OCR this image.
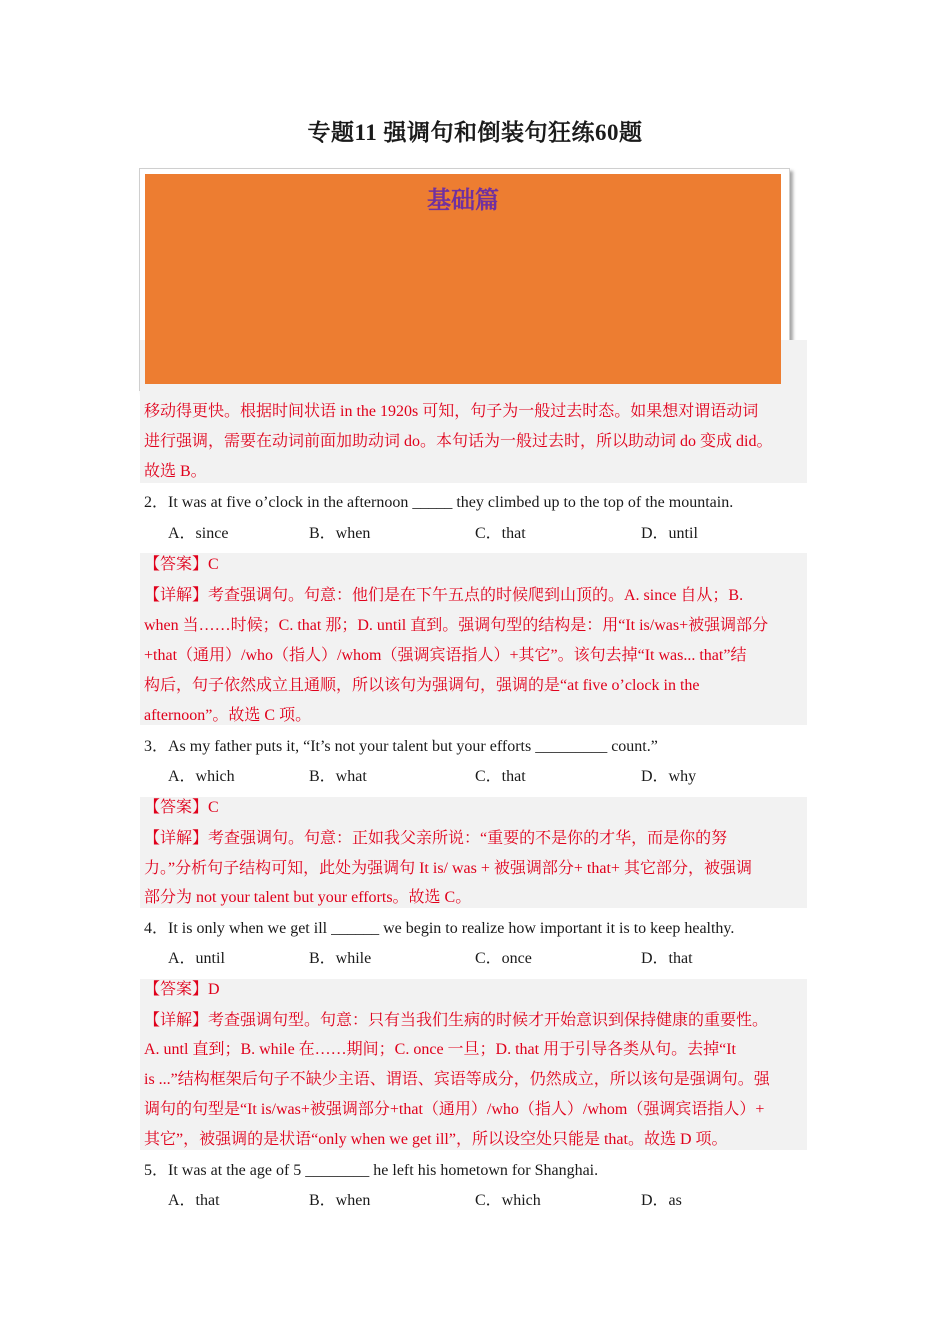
专题11 强调句和倒装句狂练60题
基础篇
移动得更快。根据时间状语 in the 1920s 可知，句子为一般过去时态。如果想对谓语动词
进行强调，需要在动词前面加助动词 do。本句话为一般过去时，所以助动词 do 变成 did。
故选 B。
2．It was at five o’clock in the afternoon _____ they climbed up to the top of the mountain.
A．since	B．when	C．that	D．until
【答案】C
【详解】考查强调句。句意：他们是在下午五点的时候爬到山顶的。A. since 自从；B.
when 当……时候；C. that 那；D. until 直到。强调句型的结构是：用“It is/was+被强调部分
+that（通用）/who（指人）/whom（强调宾语指人）+其它”。该句去掉“It was... that”结
构后，句子依然成立且通顺，所以该句为强调句，强调的是“at five o’clock in the
afternoon”。故选 C 项。
3．As my father puts it, “It’s not your talent but your efforts _________ count.”
A．which	B．what	C．that	D．why
【答案】C
【详解】考查强调句。句意：正如我父亲所说：“重要的不是你的才华，而是你的努
力。”分析句子结构可知，此处为强调句 It is/ was + 被强调部分+ that+ 其它部分，被强调
部分为 not your talent but your efforts。故选 C。
4．It is only when we get ill ______ we begin to realize how important it is to keep healthy.
A．until	B．while	C．once	D．that
【答案】D
【详解】考查强调句型。句意：只有当我们生病的时候才开始意识到保持健康的重要性。
A. untl 直到；B. while 在……期间；C. once 一旦；D. that 用于引导各类从句。去掉“It
is ...”结构框架后句子不缺少主语、谓语、宾语等成分，仍然成立，所以该句是强调句。强
调句的句型是“It is/was+被强调部分+that（通用）/who（指人）/whom（强调宾语指人）+
其它”，被强调的是状语“only when we get ill”，所以设空处只能是 that。故选 D 项。
5．It was at the age of 5 ________ he left his hometown for Shanghai.
A．that	B．when	C．which	D．as
